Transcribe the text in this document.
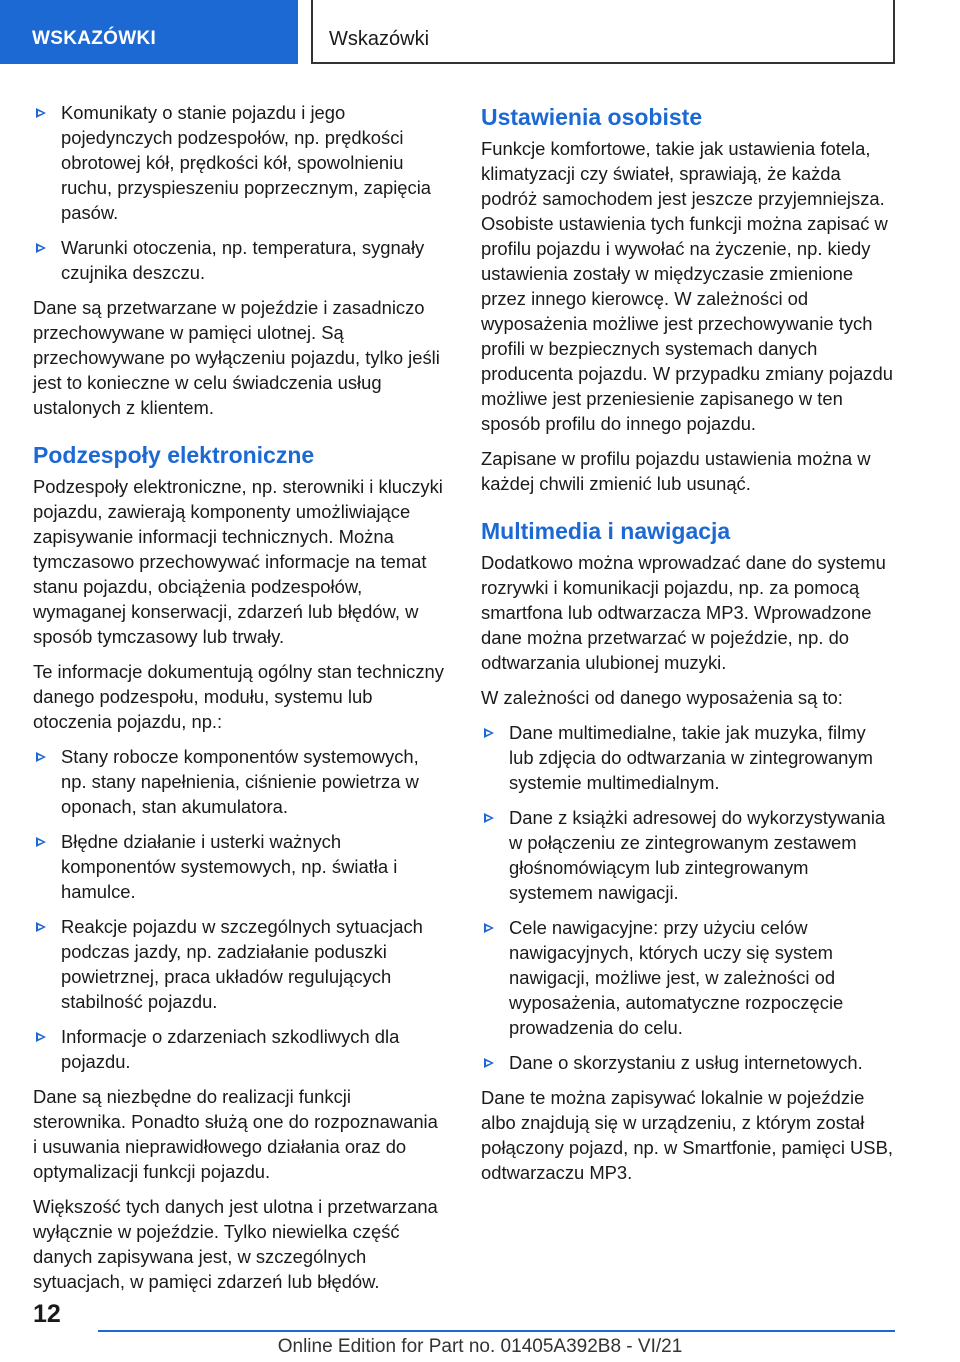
WSKAZÓWKI	Wskazówki
Komunikaty o stanie pojazdu i jego pojedynczych podzespołów, np. prędkości obrotowej kół, prędkości kół, spowolnieniu ruchu, przyspieszeniu poprzecznym, zapięcia pasów.
Warunki otoczenia, np. temperatura, sygnały czujnika deszczu.

Dane są przetwarzane w pojeździe i zasadniczo przechowywane w pamięci ulotnej. Są przechowywane po wyłączeniu pojazdu, tylko jeśli jest to konieczne w celu świadczenia usług ustalonych z klientem.

Podzespoły elektroniczne

Podzespoły elektroniczne, np. sterowniki i kluczyki pojazdu, zawierają komponenty umożliwiające zapisywanie informacji technicznych. Można tymczasowo przechowywać informacje na temat stanu pojazdu, obciążenia podzespołów, wymaganej konserwacji, zdarzeń lub błędów, w sposób tymczasowy lub trwały.

Te informacje dokumentują ogólny stan techniczny danego podzespołu, modułu, systemu lub otoczenia pojazdu, np.:

Stany robocze komponentów systemowych, np. stany napełnienia, ciśnienie powietrza w oponach, stan akumulatora.
Błędne działanie i usterki ważnych komponentów systemowych, np. światła i hamulce.
Reakcje pojazdu w szczególnych sytuacjach podczas jazdy, np. zadziałanie poduszki powietrznej, praca układów regulujących stabilność pojazdu.
Informacje o zdarzeniach szkodliwych dla pojazdu.

Dane są niezbędne do realizacji funkcji sterownika. Ponadto służą one do rozpoznawania i usuwania nieprawidłowego działania oraz do optymalizacji funkcji pojazdu.

Większość tych danych jest ulotna i przetwarzana wyłącznie w pojeździe. Tylko niewielka część danych zapisywana jest, w szczególnych sytuacjach, w pamięci zdarzeń lub błędów.

Ustawienia osobiste

Funkcje komfortowe, takie jak ustawienia fotela, klimatyzacji czy świateł, sprawiają, że każda podróż samochodem jest jeszcze przyjemniejsza. Osobiste ustawienia tych funkcji można zapisać w profilu pojazdu i wywołać na życzenie, np. kiedy ustawienia zostały w międzyczasie zmienione przez innego kierowcę. W zależności od wyposażenia możliwe jest przechowywanie tych profili w bezpiecznych systemach danych producenta pojazdu. W przypadku zmiany pojazdu możliwe jest przeniesienie zapisanego w ten sposób profilu do innego pojazdu.

Zapisane w profilu pojazdu ustawienia można w każdej chwili zmienić lub usunąć.

Multimedia i nawigacja

Dodatkowo można wprowadzać dane do systemu rozrywki i komunikacji pojazdu, np. za pomocą smartfona lub odtwarzacza MP3. Wprowadzone dane można przetwarzać w pojeździe, np. do odtwarzania ulubionej muzyki.

W zależności od danego wyposażenia są to:

Dane multimedialne, takie jak muzyka, filmy lub zdjęcia do odtwarzania w zintegrowanym systemie multimedialnym.
Dane z książki adresowej do wykorzystywania w połączeniu ze zintegrowanym zestawem głośnomówiącym lub zintegrowanym systemem nawigacji.
Cele nawigacyjne: przy użyciu celów nawigacyjnych, których uczy się system nawigacji, możliwe jest, w zależności od wyposażenia, automatyczne rozpoczęcie prowadzenia do celu.
Dane o skorzystaniu z usług internetowych.

Dane te można zapisywać lokalnie w pojeździe albo znajdują się w urządzeniu, z którym został połączony pojazd, np. w Smartfonie, pamięci USB, odtwarzaczu MP3.

12
Online Edition for Part no. 01405A392B8 - VI/21
